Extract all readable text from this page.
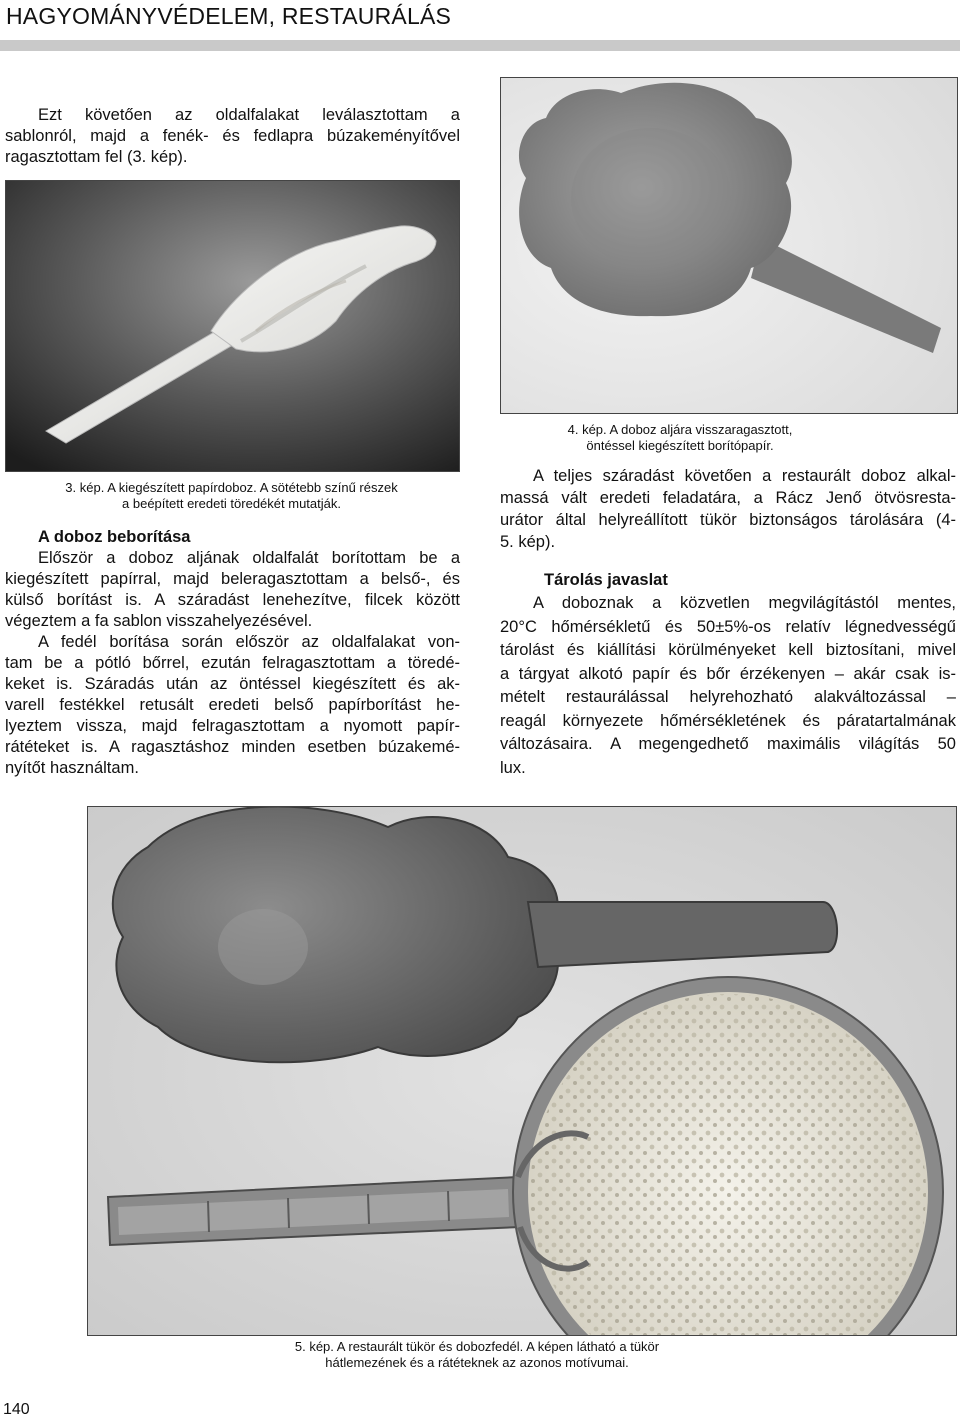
HAGYOMÁNYVÉDELEM, RESTAURÁLÁS

Ezt követően az oldalfalakat leválasztottam a

sablonról, majd a fenék- és fedlapra búzakeményítővel

ragasztottam fel (3. kép).

3. kép. A kiegészített papírdoboz. A sötétebb színű részek
a beépített eredeti töredékét mutatják.
A doboz beborítása

Először a doboz aljának oldalfalát borítottam be a

kiegészített papírral, majd beleragasztottam a belső-, és

külső borítást is. A száradást lenehezítve, filcek között

végeztem a fa sablon visszahelyezésével.

A fedél borítása során először az oldalfalakat von-

tam be a pótló bőrrel, ezután felragasztottam a töredé-

keket is. Száradás után az öntéssel kiegészített és ak-

varell festékkel retusált eredeti belső papírborítást he-

lyeztem vissza, majd felragasztottam a nyomott papír-

rátéteket is. A ragasztáshoz minden esetben búzakemé-

nyítőt használtam.

4. kép. A doboz aljára visszaragasztott,
öntéssel kiegészített borítópapír.

A teljes száradást követően a restaurált doboz alkal-

massá vált eredeti feladatára, a Rácz Jenő ötvösresta-

urátor által helyreállított tükör biztonságos tárolására (4-

5. kép).

Tárolás javaslat

A doboznak a közvetlen megvilágítástól mentes,

20°C hőmérsékletű és 50±5%-os relatív légnedvességű

tárolást és kiállítási körülményeket kell biztosítani, mivel

a tárgyat alkotó papír és bőr érzékenyen – akár csak is-

mételt restaurálással helyrehozható alakváltozással –

reagál környezete hőmérsékletének és páratartalmának

változásaira. A megengedhető maximális világítás 50

lux.

5. kép. A restaurált tükör és dobozfedél. A képen látható a tükör
hátlemezének és a rátéteknek az azonos motívumai.
140
